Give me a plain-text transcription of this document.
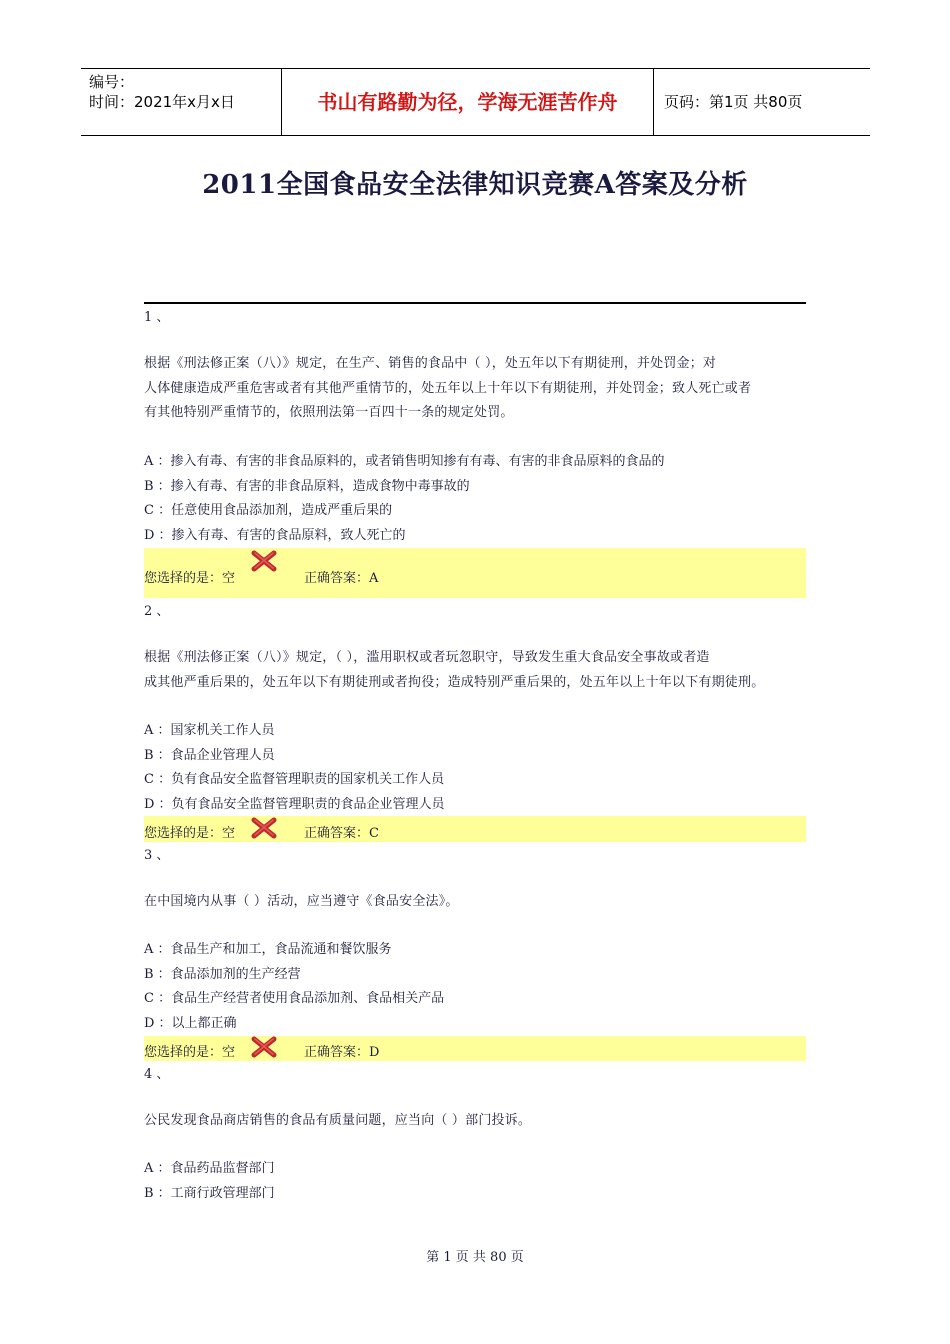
编号：
时间：2021年x月x日	书山有路勤为径，学海无涯苦作舟	页码：第1页 共80页
2011全国食品安全法律知识竞赛A答案及分析
1 、
根据《刑法修正案（八）》规定，在生产、销售的食品中（ ），处五年以下有期徒刑，并处罚金；对
人体健康造成严重危害或者有其他严重情节的，处五年以上十年以下有期徒刑，并处罚金；致人死亡或者
有其他特别严重情节的，依照刑法第一百四十一条的规定处罚。
A ：掺入有毒、有害的非食品原料的，或者销售明知掺有有毒、有害的非食品原料的食品的
B ：掺入有毒、有害的非食品原料，造成食物中毒事故的
C ：任意使用食品添加剂，造成严重后果的
D ：掺入有毒、有害的食品原料，致人死亡的
您选择的是：空	正确答案：A
2 、
根据《刑法修正案（八）》规定，（ ），滥用职权或者玩忽职守，导致发生重大食品安全事故或者造
成其他严重后果的，处五年以下有期徒刑或者拘役；造成特别严重后果的，处五年以上十年以下有期徒刑。
A ：国家机关工作人员
B ：食品企业管理人员
C ：负有食品安全监督管理职责的国家机关工作人员
D ：负有食品安全监督管理职责的食品企业管理人员
您选择的是：空	正确答案：C
3 、
在中国境内从事（ ）活动，应当遵守《食品安全法》。
A ：食品生产和加工，食品流通和餐饮服务
B ：食品添加剂的生产经营
C ：食品生产经营者使用食品添加剂、食品相关产品
D ：以上都正确
您选择的是：空	正确答案：D
4 、
公民发现食品商店销售的食品有质量问题，应当向（ ）部门投诉。
A ：食品药品监督部门
B ：工商行政管理部门
第 1 页 共 80 页
